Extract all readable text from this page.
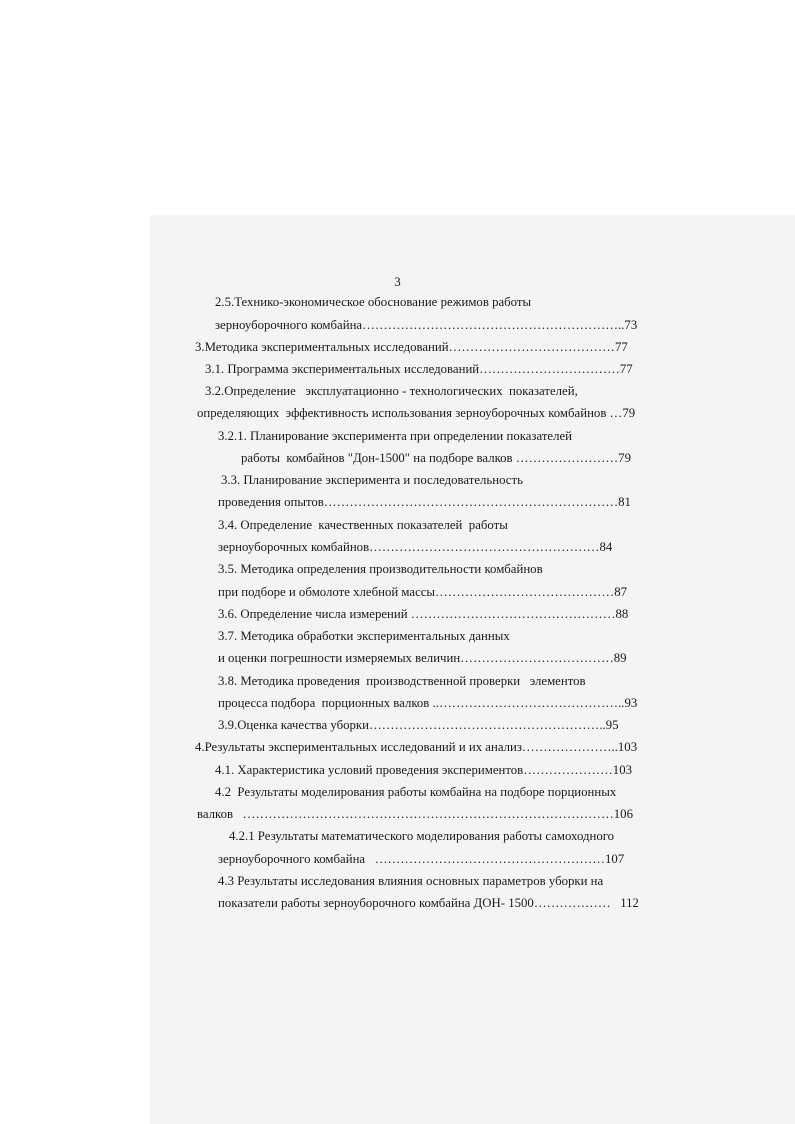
3
2.5.Технико-экономическое обоснование режимов работы
зерноуборочного комбайна……………………………………………………..73
3.Методика экспериментальных исследований…………………………………77
3.1. Программа экспериментальных исследований……………………………77
3.2.Определение   эксплуатационно - технологических  показателей,
определяющих  эффективность использования зерноуборочных комбайнов …79
3.2.1. Планирование эксперимента при определении показателей
работы  комбайнов "Дон-1500" на подборе валков ……………………79
3.3. Планирование эксперимента и последовательность
проведения опытов……………………………………………………………81
3.4. Определение  качественных показателей  работы
зерноуборочных комбайнов………………………………………………84
3.5. Методика определения производительности комбайнов
при подборе и обмолоте хлебной массы……………………………………87
3.6. Определение числа измерений …………………………………………88
3.7. Методика обработки экспериментальных данных
и оценки погрешности измеряемых величин………………………………89
3.8. Методика проведения  производственной проверки   элементов
процесса подбора  порционных валков ..……………………………………..93
3.9.Оценка качества уборки………………………………………………..95
4.Результаты экспериментальных исследований и их анализ…………………..103
4.1. Характеристика условий проведения экспериментов…………………103
4.2  Результаты моделирования работы комбайна на подборе порционных
валков   ……………………………………………………………………………106
4.2.1 Результаты математического моделирования работы самоходного
зерноуборочного комбайна   ………………………………………………107
4.3 Результаты исследования влияния основных параметров уборки на
показатели работы зерноуборочного комбайна ДОН- 1500………………   112
